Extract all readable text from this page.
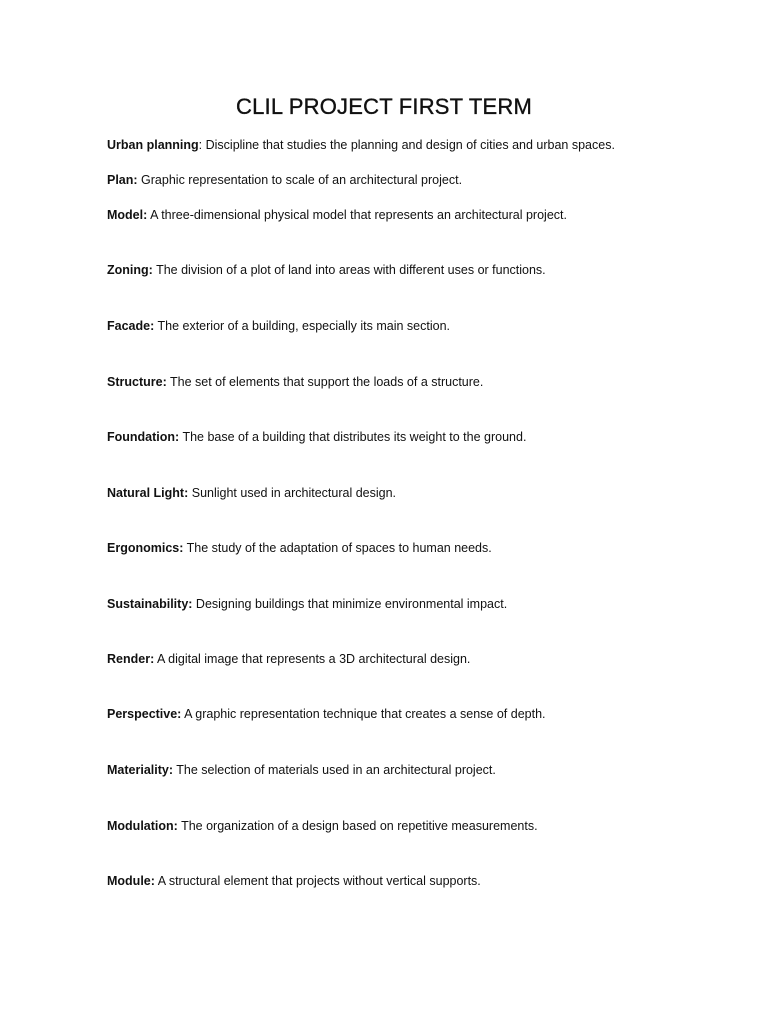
CLIL PROJECT FIRST TERM
Urban planning: Discipline that studies the planning and design of cities and urban spaces.
Plan: Graphic representation to scale of an architectural project.
Model: A three-dimensional physical model that represents an architectural project.
Zoning: The division of a plot of land into areas with different uses or functions.
Facade: The exterior of a building, especially its main section.
Structure: The set of elements that support the loads of a structure.
Foundation: The base of a building that distributes its weight to the ground.
Natural Light: Sunlight used in architectural design.
Ergonomics: The study of the adaptation of spaces to human needs.
Sustainability: Designing buildings that minimize environmental impact.
Render: A digital image that represents a 3D architectural design.
Perspective: A graphic representation technique that creates a sense of depth.
Materiality: The selection of materials used in an architectural project.
Modulation: The organization of a design based on repetitive measurements.
Module: A structural element that projects without vertical supports.
